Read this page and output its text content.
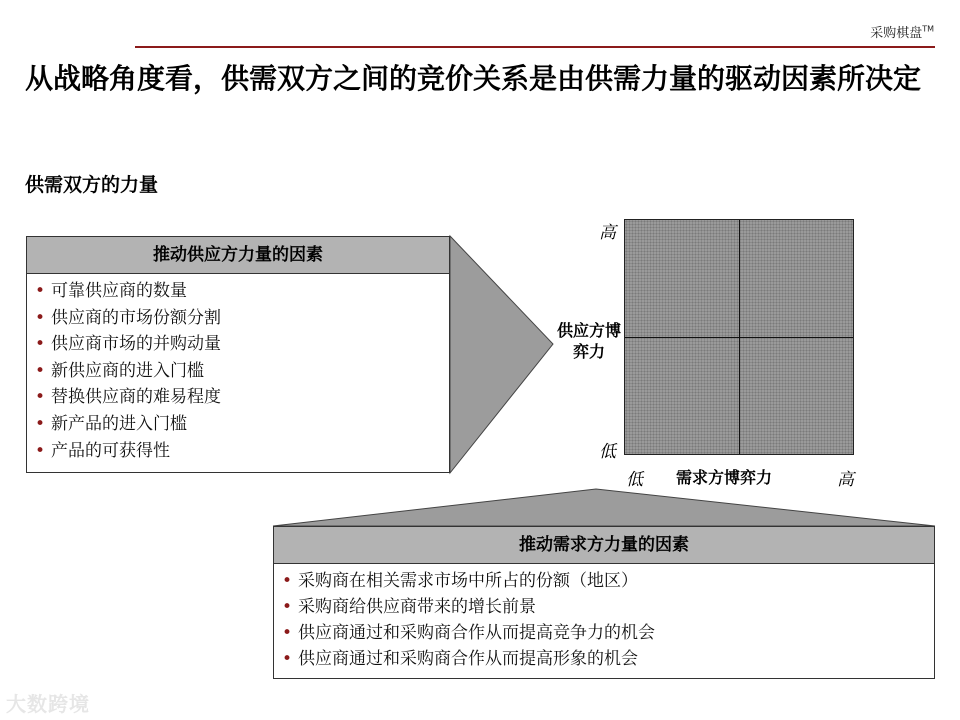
采购棋盘™
从战略角度看，供需双方之间的竞价关系是由供需力量的驱动因素所决定
供需双方的力量
推动供应方力量的因素
• 可靠供应商的数量
• 供应商的市场份额分割
• 供应商市场的并购动量
• 新供应商的进入门槛
• 替换供应商的难易程度
• 新产品的进入门槛
• 产品的可获得性
高
低
供应方博弈力
低 需求方博弈力	高
推动需求方力量的因素
• 采购商在相关需求市场中所占的份额（地区）
• 采购商给供应商带来的增长前景
• 供应商通过和采购商合作从而提高竞争力的机会
• 供应商通过和采购商合作从而提高形象的机会
大数跨境
